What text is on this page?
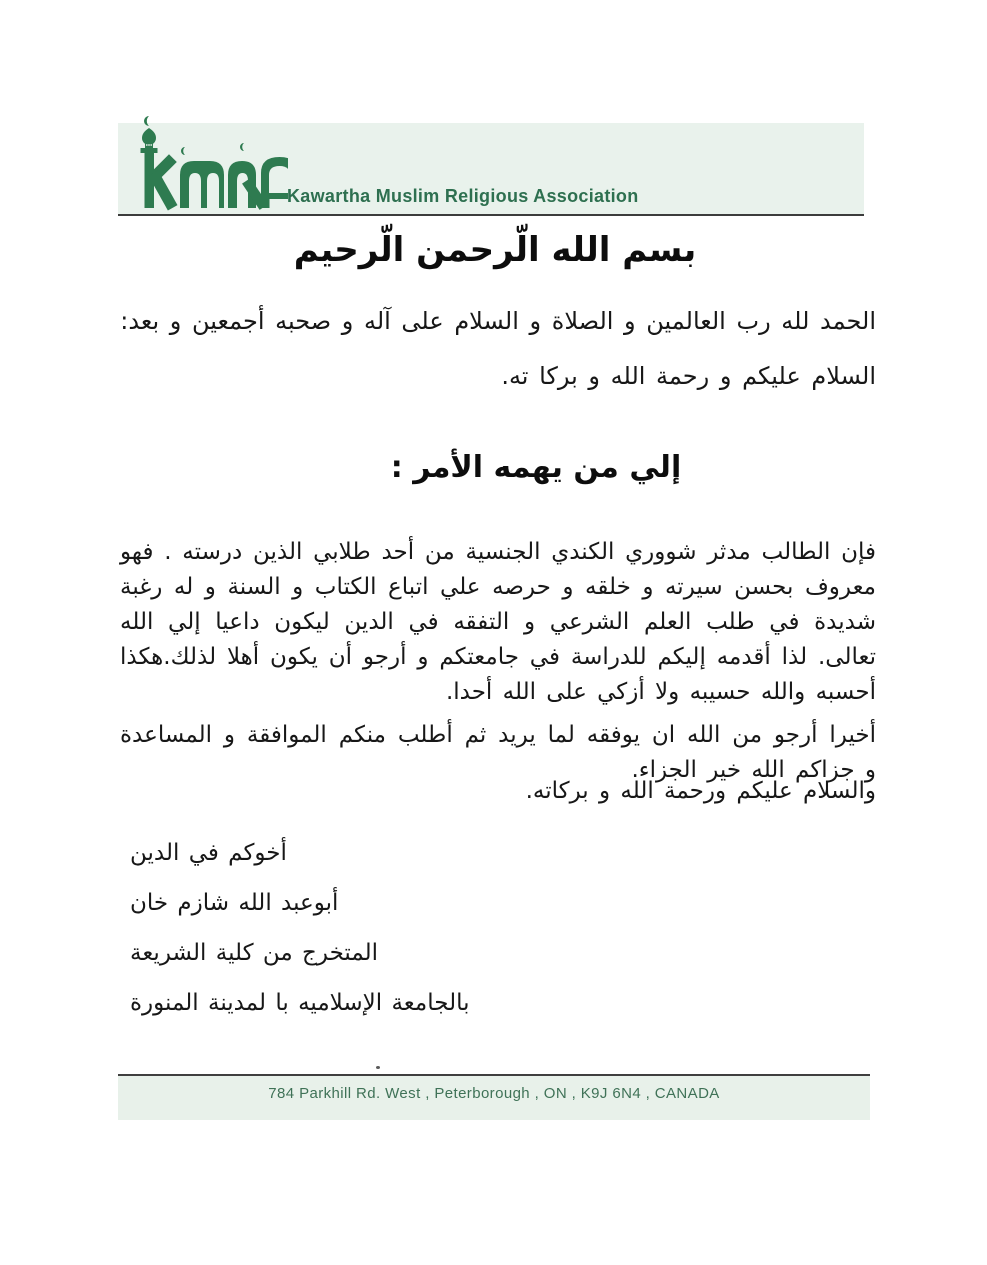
Kawartha Muslim Religious Association
بسم الله الّرحمن الّرحيم
الحمد لله رب العالمين و الصلاة و السلام على آله و صحبه أجمعين و بعد:
السلام عليكم و رحمة الله و بركا ته.
إلي من يهمه الأمر :

فإن الطالب مدثر شووري الكندي الجنسية من أحد طلابي الذين درسته . فهو معروف بحسن سيرته و خلقه و حرصه علي اتباع الكتاب و السنة و له رغبة شديدة في طلب العلم الشرعي و التفقه في الدين ليكون داعيا إلي الله تعالى. لذا أقدمه إليكم للدراسة في جامعتكم و أرجو أن يكون أهلا لذلك.هكذا أحسبه والله حسيبه ولا أزكي على الله أحدا.

أخيرا أرجو من الله ان يوفقه لما يريد ثم أطلب منكم الموافقة و المساعدة و جزاكم الله خير الجزاء.

والسلام عليكم ورحمة الله و بركاته.
أخوكم في الدين
أبوعبد الله شازم خان
المتخرج من كلية الشريعة
بالجامعة الإسلاميه با لمدينة المنورة
784 Parkhill Rd. West , Peterborough , ON , K9J 6N4 , CANADA
